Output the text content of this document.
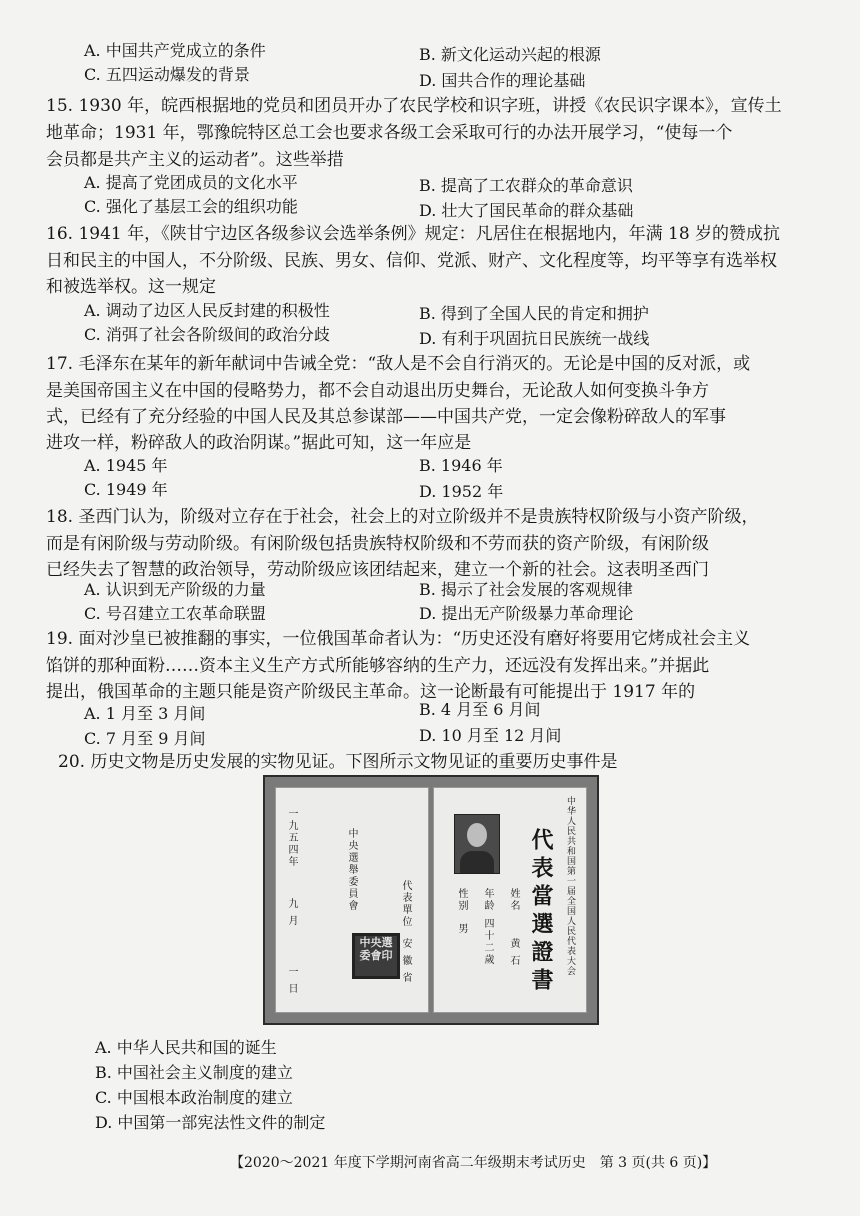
A. 中国共产党成立的条件	B. 新文化运动兴起的根源
C. 五四运动爆发的背景	D. 国共合作的理论基础
15. 1930 年，皖西根据地的党员和团员开办了农民学校和识字班，讲授《农民识字课本》，宣传土
地革命；1931 年，鄂豫皖特区总工会也要求各级工会采取可行的办法开展学习，“使每一个
会员都是共产主义的运动者”。这些举措
A. 提高了党团成员的文化水平	B. 提高了工农群众的革命意识
C. 强化了基层工会的组织功能	D. 壮大了国民革命的群众基础
16. 1941 年，《陕甘宁边区各级参议会选举条例》规定：凡居住在根据地内，年满 18 岁的赞成抗
日和民主的中国人，不分阶级、民族、男女、信仰、党派、财产、文化程度等，均平等享有选举权
和被选举权。这一规定
A. 调动了边区人民反封建的积极性	B. 得到了全国人民的肯定和拥护
C. 消弭了社会各阶级间的政治分歧	D. 有利于巩固抗日民族统一战线
17. 毛泽东在某年的新年献词中告诫全党：“敌人是不会自行消灭的。无论是中国的反对派，或
是美国帝国主义在中国的侵略势力，都不会自动退出历史舞台，无论敌人如何变换斗争方
式，已经有了充分经验的中国人民及其总参谋部——中国共产党，一定会像粉碎敌人的军事
进攻一样，粉碎敌人的政治阴谋。”据此可知，这一年应是
A. 1945 年	B. 1946 年
C. 1949 年	D. 1952 年
18. 圣西门认为，阶级对立存在于社会，社会上的对立阶级并不是贵族特权阶级与小资产阶级，
而是有闲阶级与劳动阶级。有闲阶级包括贵族特权阶级和不劳而获的资产阶级，有闲阶级
已经失去了智慧的政治领导，劳动阶级应该团结起来，建立一个新的社会。这表明圣西门
A. 认识到无产阶级的力量	B. 揭示了社会发展的客观规律
C. 号召建立工农革命联盟	D. 提出无产阶级暴力革命理论
19. 面对沙皇已被推翻的事实，一位俄国革命者认为：“历史还没有磨好将要用它烤成社会主义
馅饼的那种面粉……资本主义生产方式所能够容纳的生产力，还远没有发挥出来。”并据此
提出，俄国革命的主题只能是资产阶级民主革命。这一论断最有可能提出于 1917 年的
A. 1 月至 3 月间	B. 4 月至 6 月间
C. 7 月至 9 月间	D. 10 月至 12 月间
20. 历史文物是历史发展的实物见证。下图所示文物见证的重要历史事件是
一九五四年
九 月
一 日
中央選舉委員會	代表單位
安 徽 省
中央選委會印	代表當選證書	中华人民共和国第一届全国人民代表大会
姓名
黄 石
年龄
四十二歲
性别
男
A. 中华人民共和国的诞生
B. 中国社会主义制度的建立
C. 中国根本政治制度的建立
D. 中国第一部宪法性文件的制定
【2020～2021 年度下学期河南省高二年级期末考试历史　第 3 页(共 6 页)】
